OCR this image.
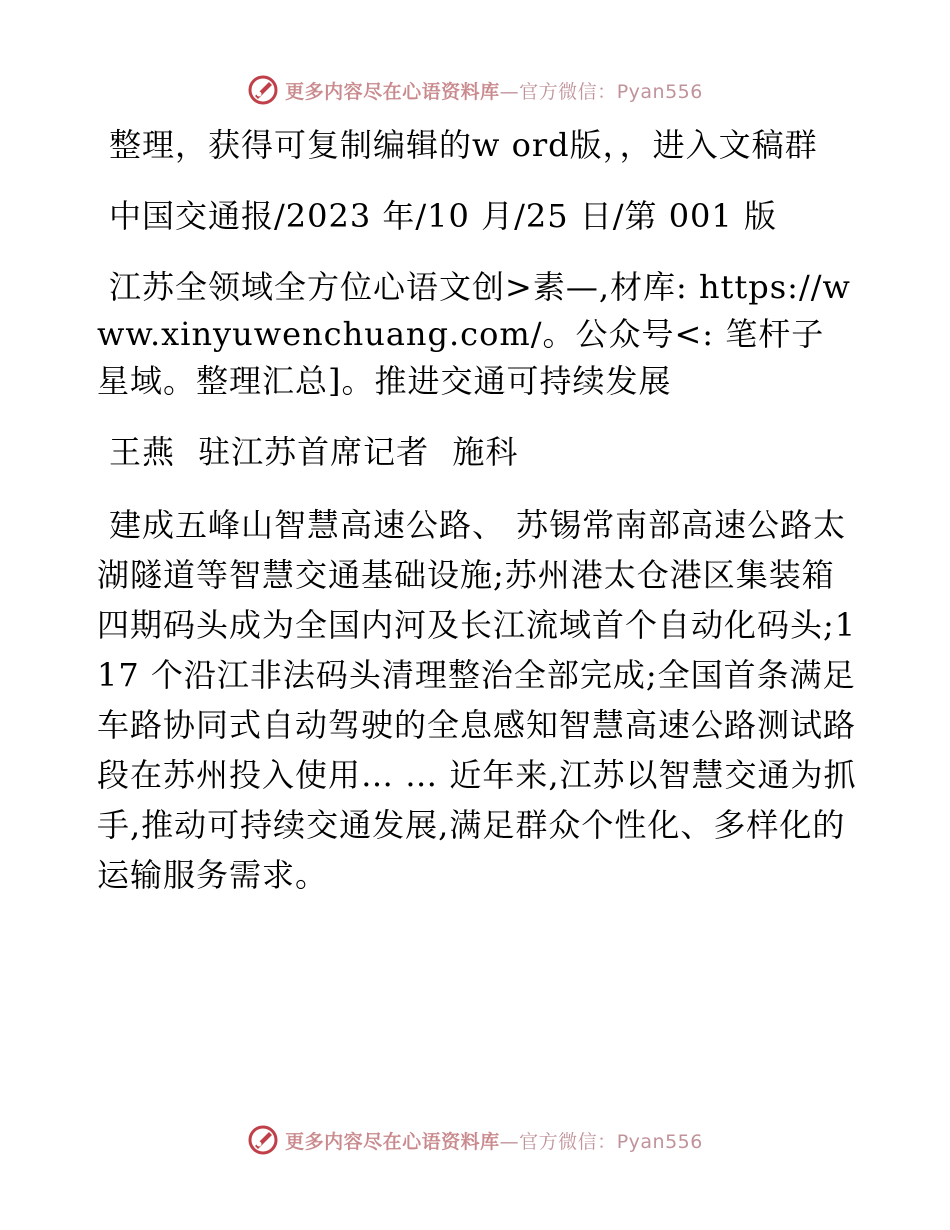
更多内容尽在心语资料库—官方微信：Pyan556

整理，获得可复制编辑的w ord版，，进入文稿群

中国交通报/2023 年/10 月/25 日/第 001 版

江苏全领域全方位心语文创>素—,材库: https://www.xinyuwenchuang.com/。公众号<: 笔杆子星域。整理汇总]。推进交通可持续发展

王燕 驻江苏首席记者 施科

建成五峰山智慧高速公路、 苏锡常南部高速公路太湖隧道等智慧交通基础设施;苏州港太仓港区集装箱四期码头成为全国内河及长江流域首个自动化码头;117 个沿江非法码头清理整治全部完成;全国首条满足车路协同式自动驾驶的全息感知智慧高速公路测试路段在苏州投入使用… … 近年来,江苏以智慧交通为抓手,推动可持续交通发展,满足群众个性化、多样化的运输服务需求。

更多内容尽在心语资料库—官方微信：Pyan556
